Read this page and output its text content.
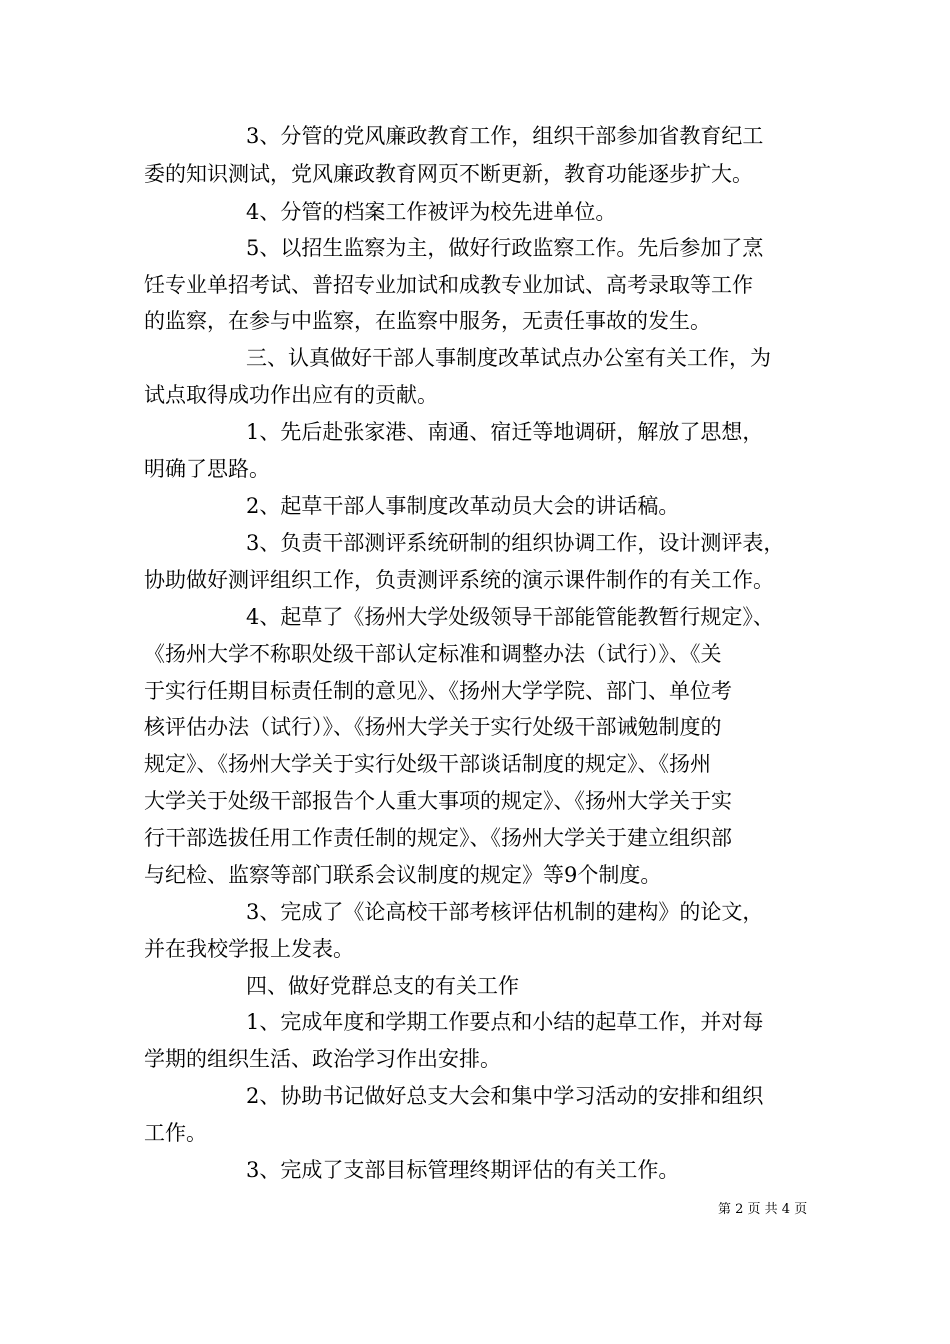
3、分管的党风廉政教育工作，组织干部参加省教育纪工

委的知识测试，党风廉政教育网页不断更新，教育功能逐步扩大。

4、分管的档案工作被评为校先进单位。

5、以招生监察为主，做好行政监察工作。先后参加了烹

饪专业单招考试、普招专业加试和成教专业加试、高考录取等工作

的监察，在参与中监察，在监察中服务，无责任事故的发生。

三、认真做好干部人事制度改革试点办公室有关工作，为

试点取得成功作出应有的贡献。

1、先后赴张家港、南通、宿迁等地调研，解放了思想，

明确了思路。

2、起草干部人事制度改革动员大会的讲话稿。

3、负责干部测评系统研制的组织协调工作，设计测评表，

协助做好测评组织工作，负责测评系统的演示课件制作的有关工作。

4、起草了《扬州大学处级领导干部能管能教暂行规定》、

《扬州大学不称职处级干部认定标准和调整办法（试行）》、《关

于实行任期目标责任制的意见》、《扬州大学学院、部门、单位考

核评估办法（试行）》、《扬州大学关于实行处级干部诫勉制度的

规定》、《扬州大学关于实行处级干部谈话制度的规定》、《扬州

大学关于处级干部报告个人重大事项的规定》、《扬州大学关于实

行干部选拔任用工作责任制的规定》、《扬州大学关于建立组织部

与纪检、监察等部门联系会议制度的规定》等9个制度。

3、完成了《论高校干部考核评估机制的建构》的论文，

并在我校学报上发表。

四、做好党群总支的有关工作

1、完成年度和学期工作要点和小结的起草工作，并对每

学期的组织生活、政治学习作出安排。

2、协助书记做好总支大会和集中学习活动的安排和组织

工作。

3、完成了支部目标管理终期评估的有关工作。

第 2 页 共 4 页
